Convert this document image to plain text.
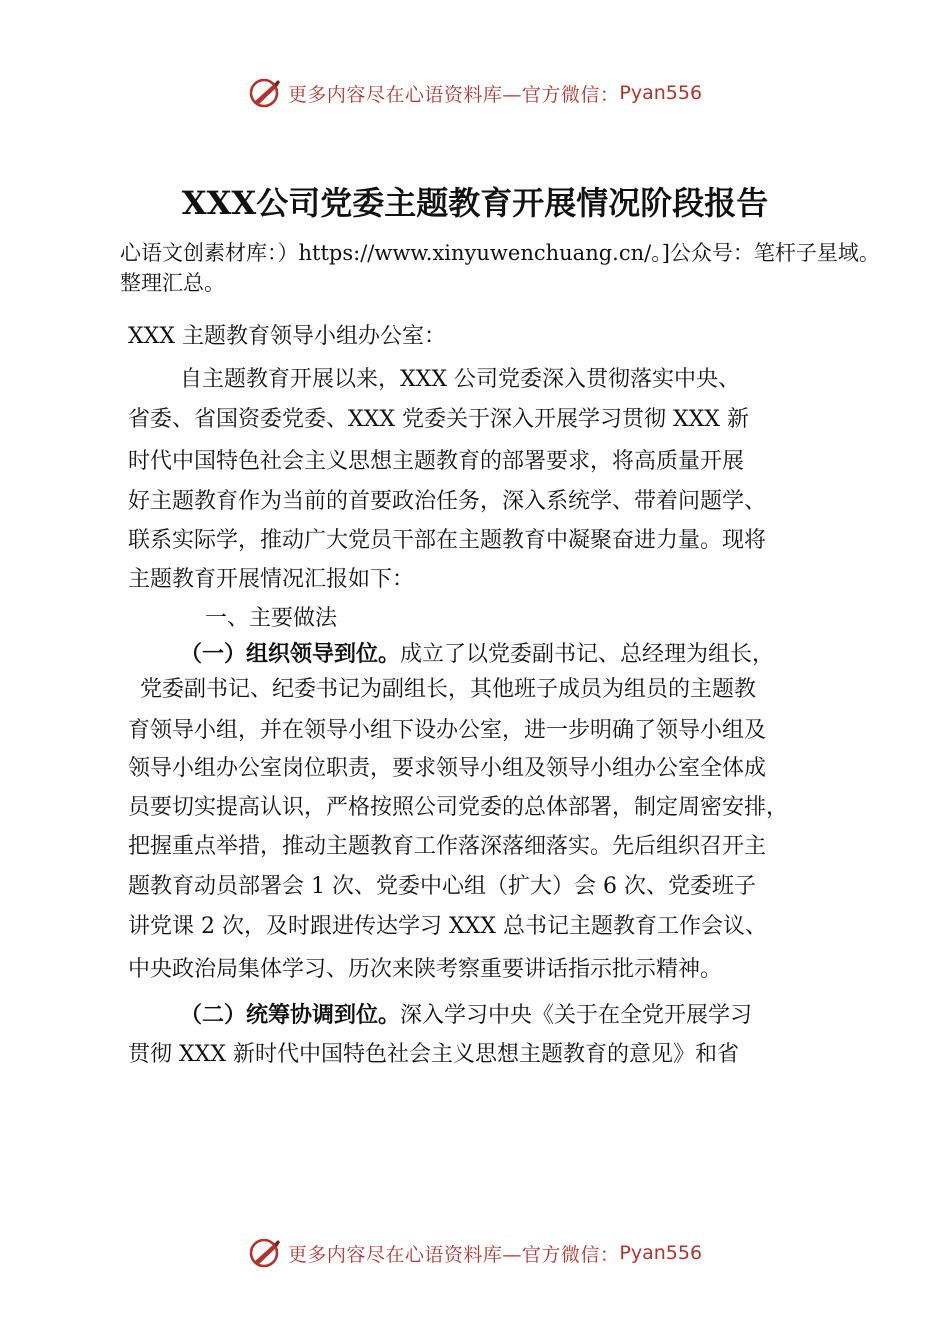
更多内容尽在心语资料库—官方微信： Pyan556
XXX公司党委主题教育开展情况阶段报告
心语文创素材库：）https://www.xinyuwenchuang.cn/。]公众号：笔杆子星域。整理汇总。
XXX 主题教育领导小组办公室：
自主题教育开展以来，XXX 公司党委深入贯彻落实中央、
省委、省国资委党委、XXX 党委关于深入开展学习贯彻 XXX 新
时代中国特色社会主义思想主题教育的部署要求，将高质量开展
好主题教育作为当前的首要政治任务，深入系统学、带着问题学、
联系实际学，推动广大党员干部在主题教育中凝聚奋进力量。现将
主题教育开展情况汇报如下：
一、主要做法
（一）组织领导到位。成立了以党委副书记、总经理为组长，
党委副书记、纪委书记为副组长，其他班子成员为组员的主题教
育领导小组，并在领导小组下设办公室，进一步明确了领导小组及
领导小组办公室岗位职责，要求领导小组及领导小组办公室全体成
员要切实提高认识，严格按照公司党委的总体部署，制定周密安排，
把握重点举措，推动主题教育工作落深落细落实。先后组织召开主
题教育动员部署会 1 次、党委中心组（扩大）会 6 次、党委班子
讲党课 2 次，及时跟进传达学习 XXX 总书记主题教育工作会议、
中央政治局集体学习、历次来陕考察重要讲话指示批示精神。
（二）统筹协调到位。深入学习中央《关于在全党开展学习
贯彻 XXX 新时代中国特色社会主义思想主题教育的意见》和省
更多内容尽在心语资料库—官方微信： Pyan556
